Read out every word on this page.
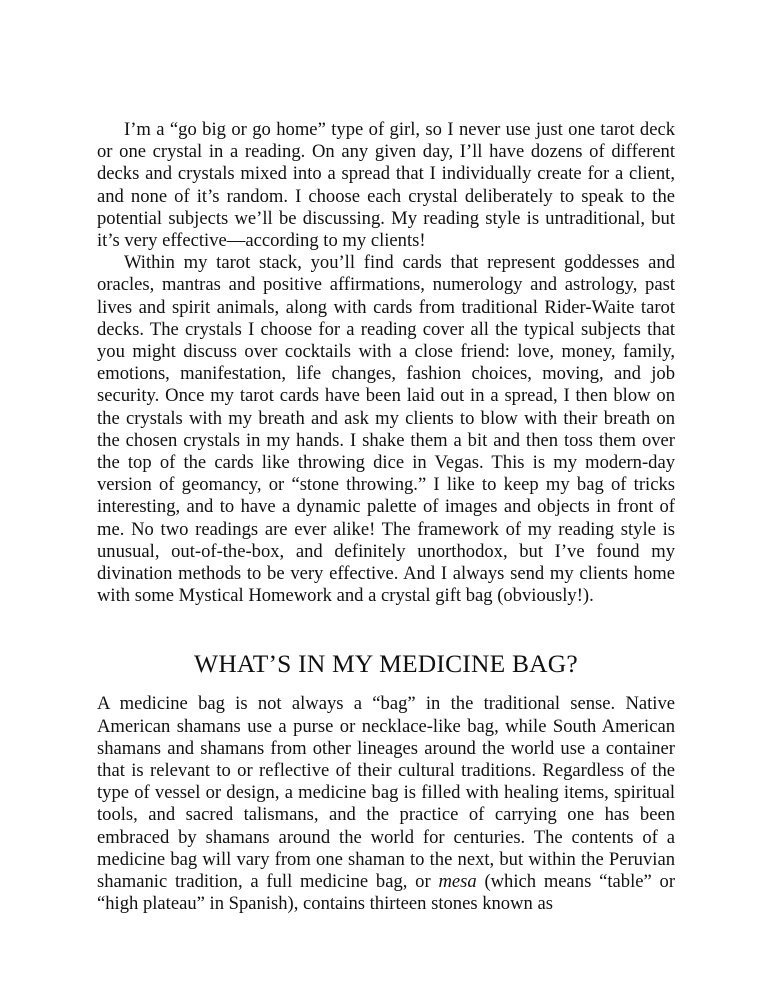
I’m a “go big or go home” type of girl, so I never use just one tarot deck or one crystal in a reading. On any given day, I’ll have dozens of different decks and crystals mixed into a spread that I individually create for a client, and none of it’s random. I choose each crystal deliberately to speak to the potential subjects we’ll be discussing. My reading style is untraditional, but it’s very effective—according to my clients!

Within my tarot stack, you’ll find cards that represent goddesses and oracles, mantras and positive affirmations, numerology and astrology, past lives and spirit animals, along with cards from traditional Rider-Waite tarot decks. The crystals I choose for a reading cover all the typical subjects that you might discuss over cocktails with a close friend: love, money, family, emotions, manifestation, life changes, fashion choices, moving, and job security. Once my tarot cards have been laid out in a spread, I then blow on the crystals with my breath and ask my clients to blow with their breath on the chosen crystals in my hands. I shake them a bit and then toss them over the top of the cards like throwing dice in Vegas. This is my modern-day version of geomancy, or “stone throwing.” I like to keep my bag of tricks interesting, and to have a dynamic palette of images and objects in front of me. No two readings are ever alike! The framework of my reading style is unusual, out-of-the-box, and definitely unorthodox, but I’ve found my divination methods to be very effective. And I always send my clients home with some Mystical Homework and a crystal gift bag (obviously!).

WHAT’S IN MY MEDICINE BAG?

A medicine bag is not always a “bag” in the traditional sense. Native American shamans use a purse or necklace-like bag, while South American shamans and shamans from other lineages around the world use a container that is relevant to or reflective of their cultural traditions. Regardless of the type of vessel or design, a medicine bag is filled with healing items, spiritual tools, and sacred talismans, and the practice of carrying one has been embraced by shamans around the world for centuries. The contents of a medicine bag will vary from one shaman to the next, but within the Peruvian shamanic tradition, a full medicine bag, or mesa (which means “table” or “high plateau” in Spanish), contains thirteen stones known as
